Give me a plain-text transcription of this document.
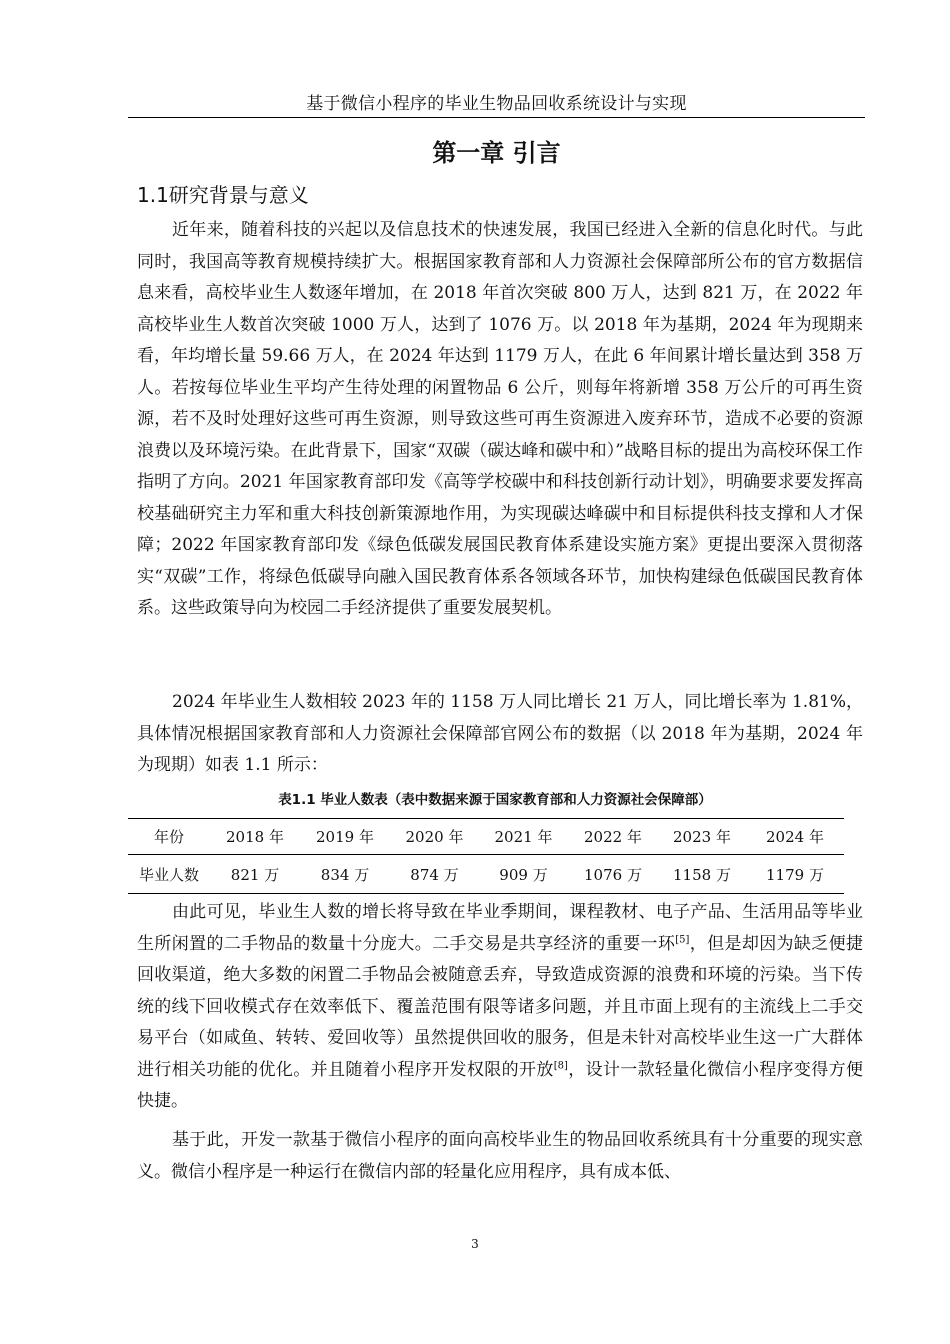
基于微信小程序的毕业生物品回收系统设计与实现
第一章 引言
1.1研究背景与意义

近年来，随着科技的兴起以及信息技术的快速发展，我国已经进入全新的信息化时代。与此同时，我国高等教育规模持续扩大。根据国家教育部和人力资源社会保障部所公布的官方数据信息来看，高校毕业生人数逐年增加，在 2018 年首次突破 800 万人，达到 821 万，在 2022 年高校毕业生人数首次突破 1000 万人，达到了 1076 万。以 2018 年为基期，2024 年为现期来看，年均增长量 59.66 万人，在 2024 年达到 1179 万人，在此 6 年间累计增长量达到 358 万人。若按每位毕业生平均产生待处理的闲置物品 6 公斤，则每年将新增 358 万公斤的可再生资源，若不及时处理好这些可再生资源，则导致这些可再生资源进入废弃环节，造成不必要的资源浪费以及环境污染。在此背景下，国家“双碳（碳达峰和碳中和）”战略目标的提出为高校环保工作指明了方向。2021 年国家教育部印发《高等学校碳中和科技创新行动计划》，明确要求要发挥高校基础研究主力军和重大科技创新策源地作用，为实现碳达峰碳中和目标提供科技支撑和人才保障；2022 年国家教育部印发《绿色低碳发展国民教育体系建设实施方案》更提出要深入贯彻落实“双碳”工作，将绿色低碳导向融入国民教育体系各领域各环节，加快构建绿色低碳国民教育体系。这些政策导向为校园二手经济提供了重要发展契机。

2024 年毕业生人数相较 2023 年的 1158 万人同比增长 21 万人，同比增长率为 1.81%，具体情况根据国家教育部和人力资源社会保障部官网公布的数据（以 2018 年为基期，2024 年为现期）如表 1.1 所示：

表1.1 毕业人数表（表中数据来源于国家教育部和人力资源社会保障部）
年份	2018 年	2019 年	2020 年	2021 年	2022 年	2023 年	2024 年
毕业人数	821 万	834 万	874 万	909 万	1076 万	1158 万	1179 万

由此可见，毕业生人数的增长将导致在毕业季期间，课程教材、电子产品、生活用品等毕业生所闲置的二手物品的数量十分庞大。二手交易是共享经济的重要一环[5]，但是却因为缺乏便捷回收渠道，绝大多数的闲置二手物品会被随意丢弃，导致造成资源的浪费和环境的污染。当下传统的线下回收模式存在效率低下、覆盖范围有限等诸多问题，并且市面上现有的主流线上二手交易平台（如咸鱼、转转、爱回收等）虽然提供回收的服务，但是未针对高校毕业生这一广大群体进行相关功能的优化。并且随着小程序开发权限的开放[8]，设计一款轻量化微信小程序变得方便快捷。

基于此，开发一款基于微信小程序的面向高校毕业生的物品回收系统具有十分重要的现实意义。微信小程序是一种运行在微信内部的轻量化应用程序，具有成本低、

3
